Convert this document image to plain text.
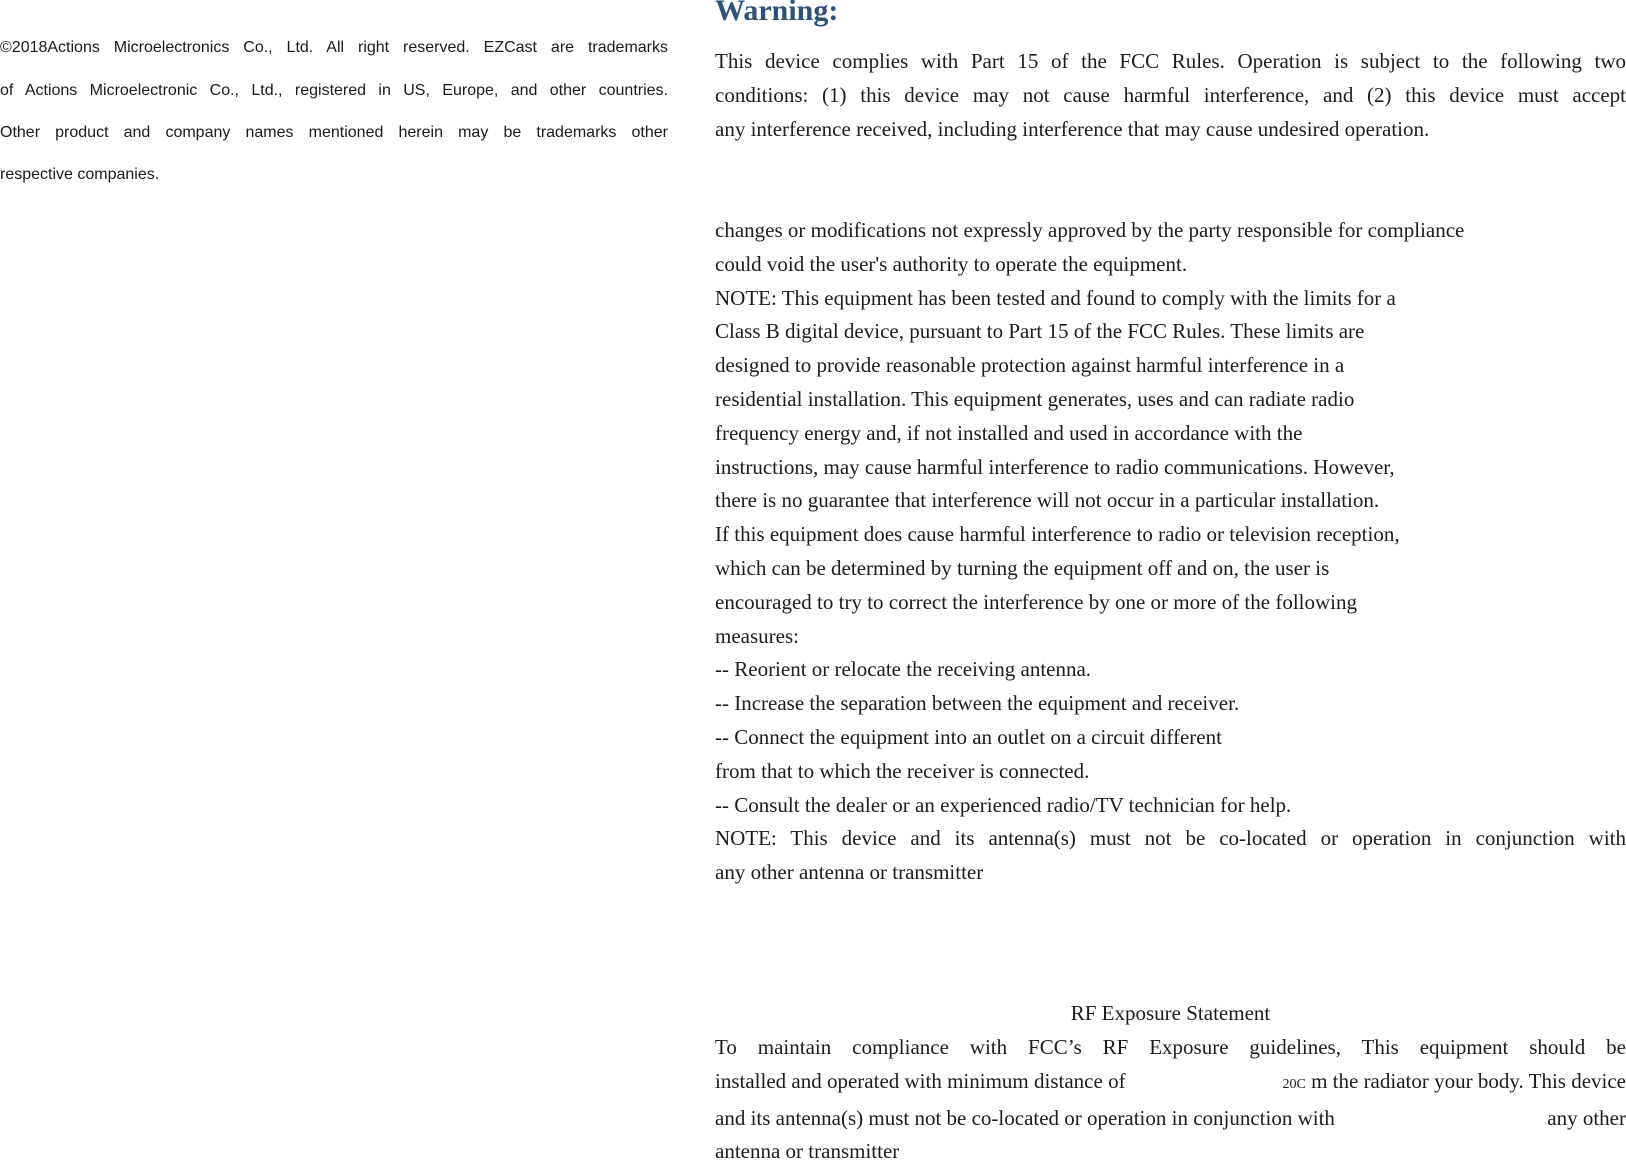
©2018Actions Microelectronics Co., Ltd. All right reserved. EZCast are trademarks
of Actions Microelectronic Co., Ltd., registered in US, Europe, and other countries.
Other product and company names mentioned herein may be trademarks other
respective companies.
Warning:
This device complies with Part 15 of the FCC Rules. Operation is subject to the following two
conditions: (1) this device may not cause harmful interference, and (2) this device must accept
any interference received, including interference that may cause undesired operation.
changes or modifications not expressly approved by the party responsible for compliance
could void the user's authority to operate the equipment.
NOTE: This equipment has been tested and found to comply with the limits for a
Class B digital device, pursuant to Part 15 of the FCC Rules. These limits are
designed to provide reasonable protection against harmful interference in a
residential installation. This equipment generates, uses and can radiate radio
frequency energy and, if not installed and used in accordance with the
instructions, may cause harmful interference to radio communications. However,
there is no guarantee that interference will not occur in a particular installation.
If this equipment does cause harmful interference to radio or television reception,
which can be determined by turning the equipment off and on, the user is
encouraged to try to correct the interference by one or more of the following
measures:
-- Reorient or relocate the receiving antenna.
-- Increase the separation between the equipment and receiver.
-- Connect the equipment into an outlet on a circuit different
from that to which the receiver is connected.
-- Consult the dealer or an experienced radio/TV technician for help.
NOTE: This device and its antenna(s) must not be co-located or operation in conjunction with
any other antenna or transmitter
RF Exposure Statement
To maintain compliance with FCC’s RF Exposure guidelines, This equipment should be
installed and operated with minimum distance of	20C m the radiator your body. This device
and its antenna(s) must not be co-located or operation in conjunction with	any other
antenna or transmitter
